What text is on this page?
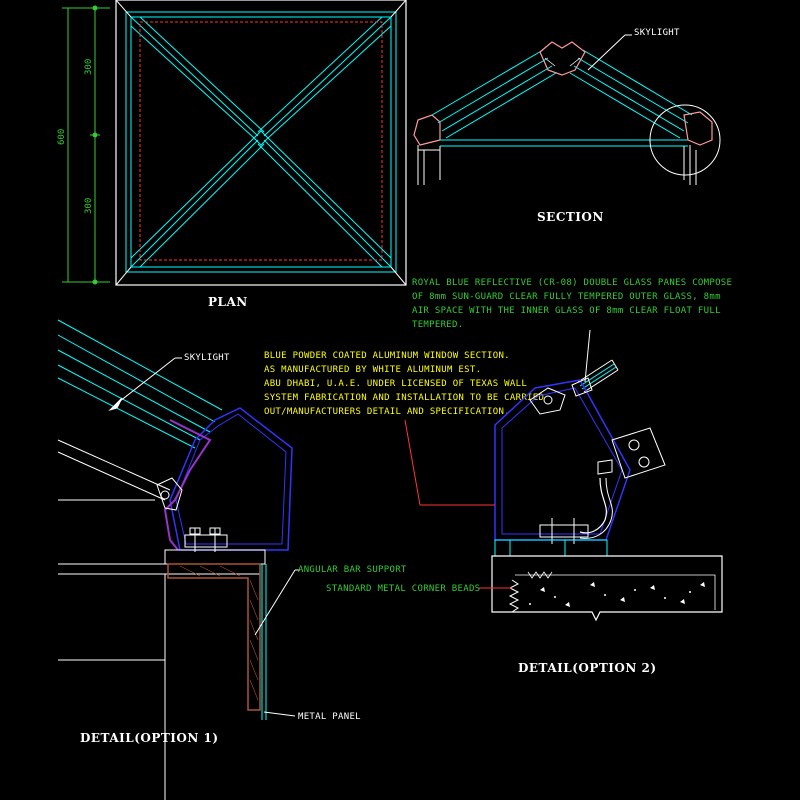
600
300
300
PLAN
SKYLIGHT
SECTION
ROYAL BLUE REFLECTIVE (CR-08) DOUBLE GLASS PANES COMPOSE
OF 8mm SUN-GUARD CLEAR FULLY TEMPERED OUTER GLASS, 8mm
AIR SPACE WITH THE INNER GLASS OF 8mm CLEAR FLOAT FULL
TEMPERED.
BLUE POWDER COATED ALUMINUM WINDOW SECTION.
AS MANUFACTURED BY WHITE ALUMINUM EST.
ABU DHABI, U.A.E. UNDER LICENSED OF TEXAS WALL
SYSTEM FABRICATION AND INSTALLATION TO BE CARRIED
OUT/MANUFACTURERS DETAIL AND SPECIFICATION.
SKYLIGHT
ANGULAR BAR SUPPORT
METAL PANEL
DETAIL(OPTION 1)
STANDARD METAL CORNER BEADS
DETAIL(OPTION 2)
